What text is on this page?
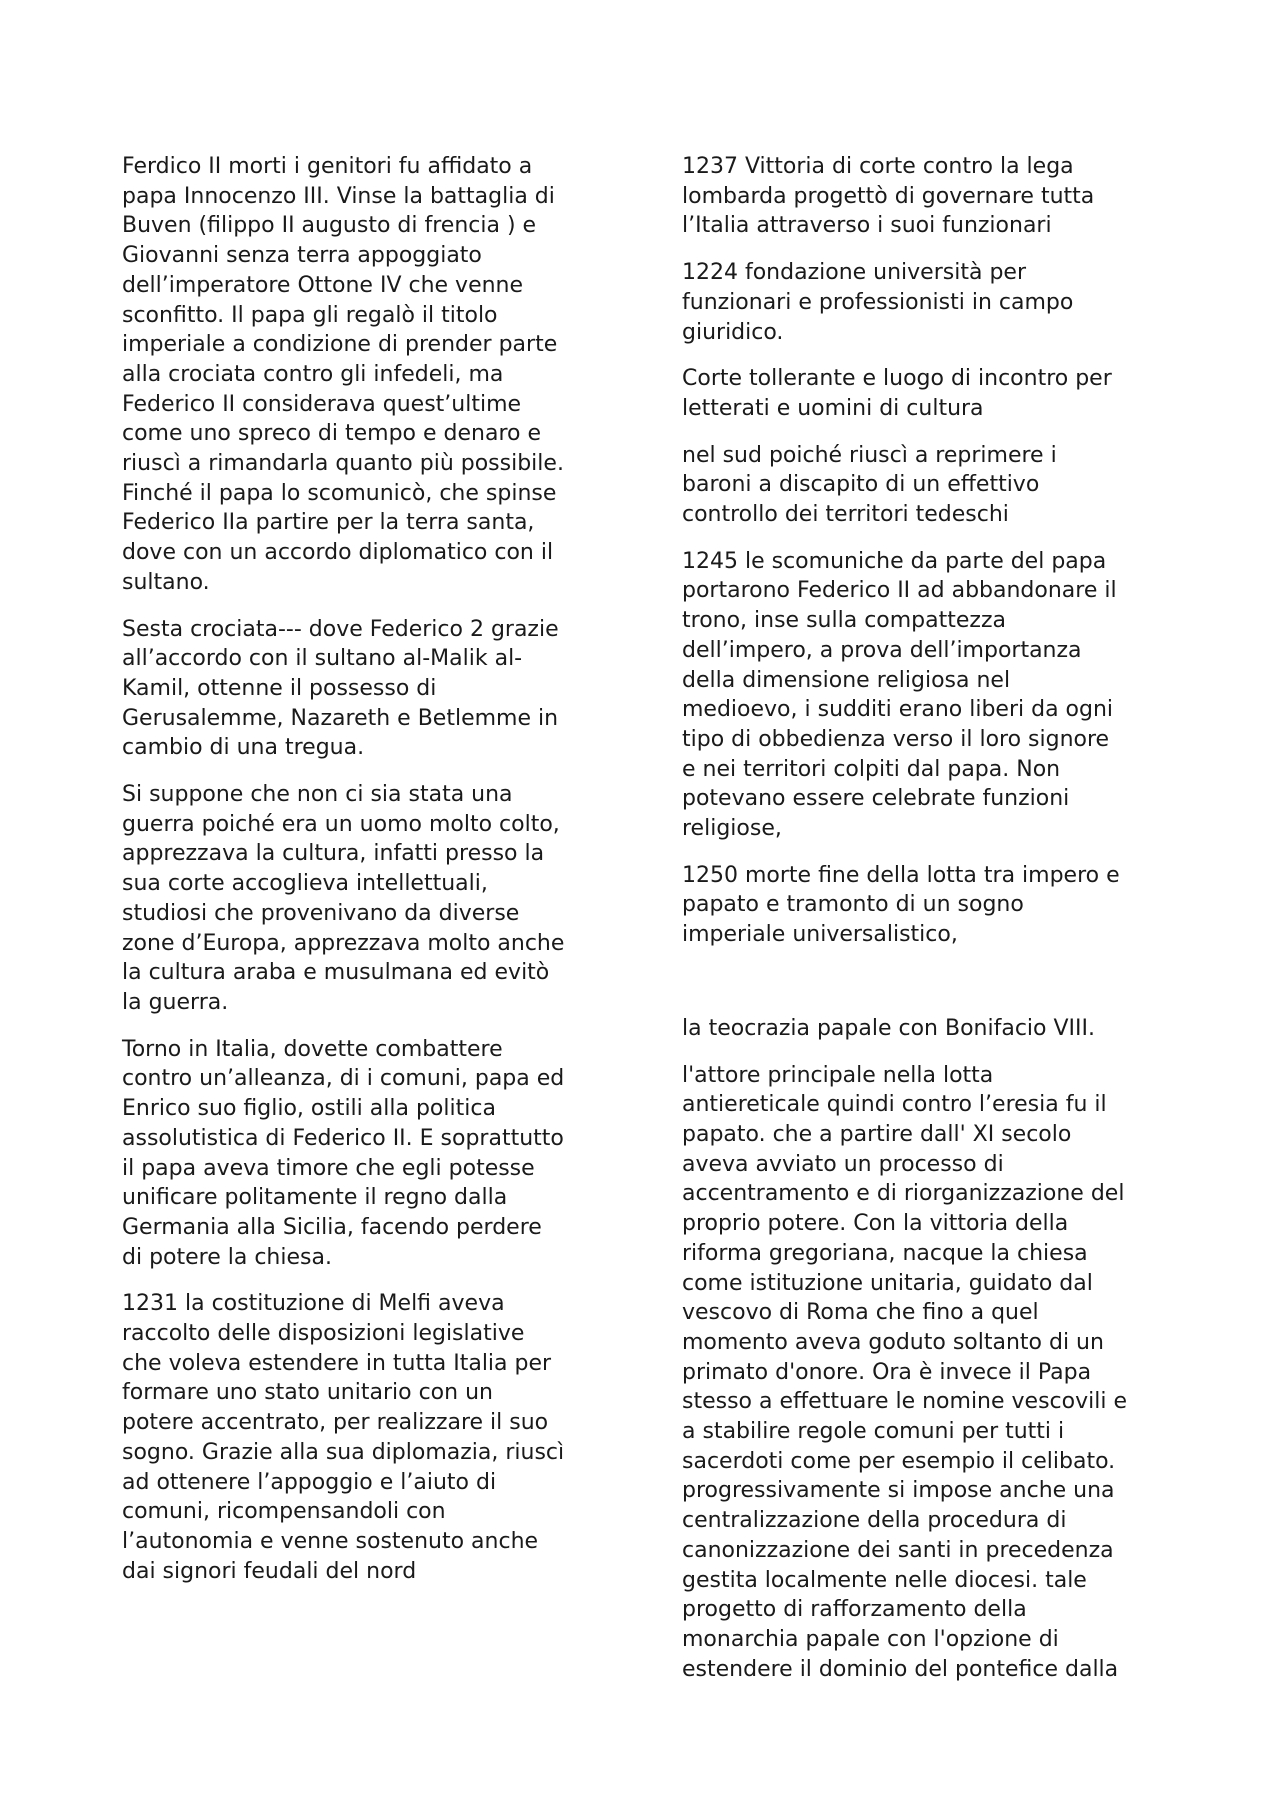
Ferdico II morti i genitori fu affidato a
papa Innocenzo III. Vinse la battaglia di
Buven (filippo II augusto di frencia ) e
Giovanni senza terra appoggiato
dell’imperatore Ottone IV che venne
sconfitto. Il papa gli regalò il titolo
imperiale a condizione di prender parte
alla crociata contro gli infedeli, ma
Federico II considerava quest’ultime
come uno spreco di tempo e denaro e
riuscì a rimandarla quanto più possibile.
Finché il papa lo scomunicò, che spinse
Federico IIa partire per la terra santa,
dove con un accordo diplomatico con il
sultano.

Sesta crociata--- dove Federico 2 grazie
all’accordo con il sultano al-Malik al-
Kamil, ottenne il possesso di
Gerusalemme, Nazareth e Betlemme in
cambio di una tregua.

Si suppone che non ci sia stata una
guerra poiché era un uomo molto colto,
apprezzava la cultura, infatti presso la
sua corte accoglieva intellettuali,
studiosi che provenivano da diverse
zone d’Europa, apprezzava molto anche
la cultura araba e musulmana ed evitò
la guerra.

Torno in Italia, dovette combattere
contro un’alleanza, di i comuni, papa ed
Enrico suo figlio, ostili alla politica
assolutistica di Federico II. E soprattutto
il papa aveva timore che egli potesse
unificare politamente il regno dalla
Germania alla Sicilia, facendo perdere
di potere la chiesa.

1231 la costituzione di Melfi aveva
raccolto delle disposizioni legislative
che voleva estendere in tutta Italia per
formare uno stato unitario con un
potere accentrato, per realizzare il suo
sogno. Grazie alla sua diplomazia, riuscì
ad ottenere l’appoggio e l’aiuto di
comuni, ricompensandoli con
l’autonomia e venne sostenuto anche
dai signori feudali del nord

1237 Vittoria di corte contro la lega
lombarda progettò di governare tutta
l’Italia attraverso i suoi funzionari

1224 fondazione università per
funzionari e professionisti in campo
giuridico.

Corte tollerante e luogo di incontro per
letterati e uomini di cultura

nel sud poiché riuscì a reprimere i
baroni a discapito di un effettivo
controllo dei territori tedeschi

1245 le scomuniche da parte del papa
portarono Federico II ad abbandonare il
trono, inse sulla compattezza
dell’impero, a prova dell’importanza
della dimensione religiosa nel
medioevo, i sudditi erano liberi da ogni
tipo di obbedienza verso il loro signore
e nei territori colpiti dal papa. Non
potevano essere celebrate funzioni
religiose,

1250 morte fine della lotta tra impero e
papato e tramonto di un sogno
imperiale universalistico,

la teocrazia papale con Bonifacio VIII.

l'attore principale nella lotta
antiereticale quindi contro l’eresia fu il
papato. che a partire dall' XI secolo
aveva avviato un processo di
accentramento e di riorganizzazione del
proprio potere. Con la vittoria della
riforma gregoriana, nacque la chiesa
come istituzione unitaria, guidato dal
vescovo di Roma che fino a quel
momento aveva goduto soltanto di un
primato d'onore. Ora è invece il Papa
stesso a effettuare le nomine vescovili e
a stabilire regole comuni per tutti i
sacerdoti come per esempio il celibato.
progressivamente si impose anche una
centralizzazione della procedura di
canonizzazione dei santi in precedenza
gestita localmente nelle diocesi. tale
progetto di rafforzamento della
monarchia papale con l'opzione di
estendere il dominio del pontefice dalla
